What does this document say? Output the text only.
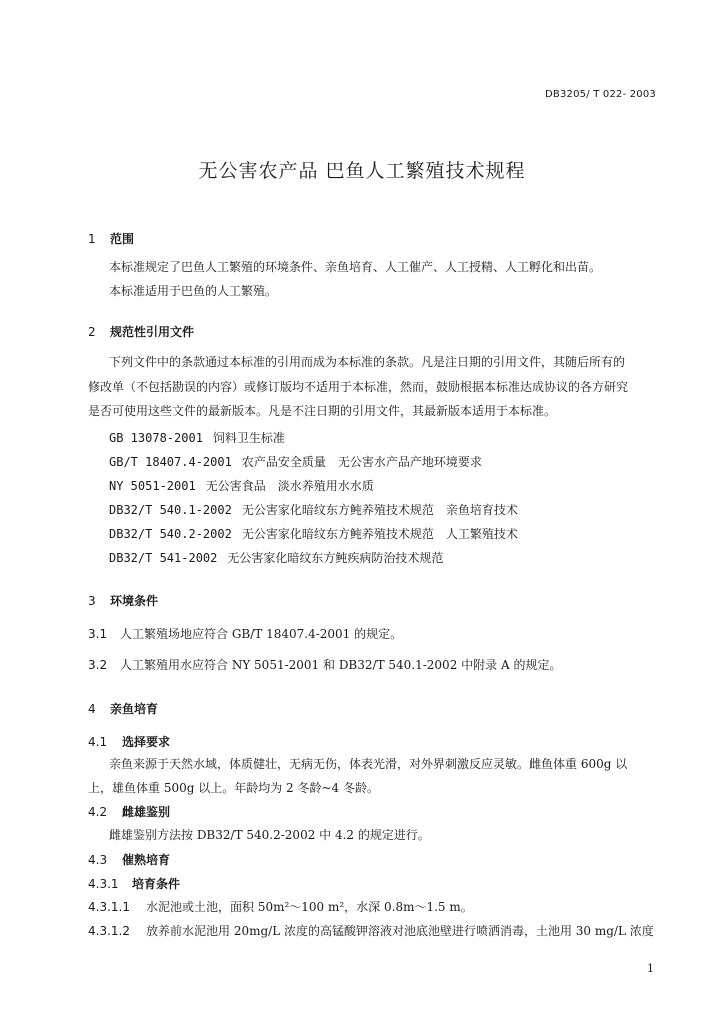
DB3205/ T 022- 2003
无公害农产品 巴鱼人工繁殖技术规程
1 范围
本标准规定了巴鱼人工繁殖的环境条件、亲鱼培育、人工催产、人工授精、人工孵化和出苗。
本标准适用于巴鱼的人工繁殖。
2 规范性引用文件
下列文件中的条款通过本标准的引用而成为本标准的条款。凡是注日期的引用文件，其随后所有的
修改单（不包括勘误的内容）或修订版均不适用于本标准，然而，鼓励根据本标准达成协议的各方研究
是否可使用这些文件的最新版本。凡是不注日期的引用文件，其最新版本适用于本标准。
GB 13078-2001 饲料卫生标准
GB/T 18407.4-2001 农产品安全质量　无公害水产品产地环境要求
NY 5051-2001 无公害食品　淡水养殖用水水质
DB32/T 540.1-2002 无公害家化暗纹东方鲀养殖技术规范　亲鱼培育技术
DB32/T 540.2-2002 无公害家化暗纹东方鲀养殖技术规范　人工繁殖技术
DB32/T 541-2002 无公害家化暗纹东方鲀疾病防治技术规范
3 环境条件
3.1 人工繁殖场地应符合 GB/T 18407.4-2001 的规定。
3.2 人工繁殖用水应符合 NY 5051-2001 和 DB32/T 540.1-2002 中附录 A 的规定。
4 亲鱼培育
4.1 选择要求
亲鱼来源于天然水域，体质健壮，无病无伤，体表光滑，对外界刺激反应灵敏。雌鱼体重 600g 以
上，雄鱼体重 500g 以上。年龄均为 2 冬龄~4 冬龄。
4.2 雌雄鉴别
雌雄鉴别方法按 DB32/T 540.2-2002 中 4.2 的规定进行。
4.3 催熟培育
4.3.1 培育条件
4.3.1.1 水泥池或土池，面积 50m²～100 m²，水深 0.8m～1.5 m。
4.3.1.2 放养前水泥池用 20mg/L 浓度的高锰酸钾溶液对池底池壁进行喷洒消毒，土池用 30 mg/L 浓度
1
